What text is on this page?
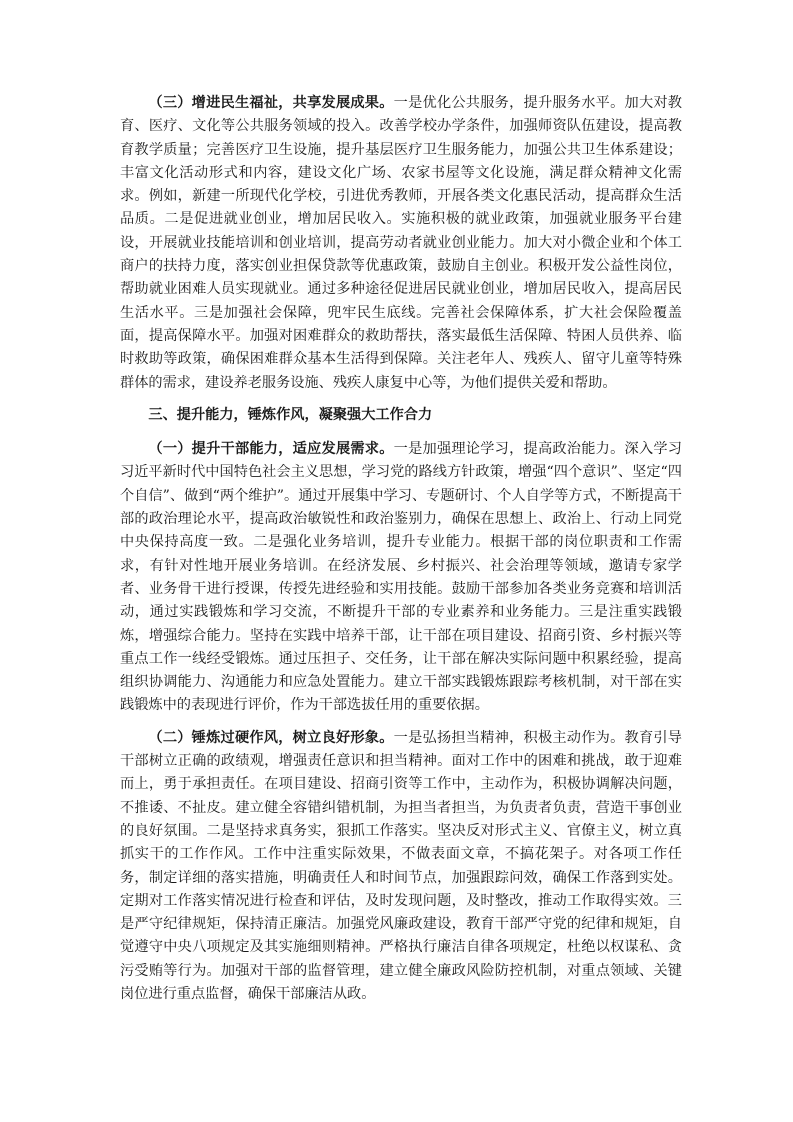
（三）增进民生福祉，共享发展成果。一是优化公共服务，提升服务水平。加大对教育、医疗、文化等公共服务领域的投入。改善学校办学条件，加强师资队伍建设，提高教育教学质量；完善医疗卫生设施，提升基层医疗卫生服务能力，加强公共卫生体系建设；丰富文化活动形式和内容，建设文化广场、农家书屋等文化设施，满足群众精神文化需求。例如，新建一所现代化学校，引进优秀教师，开展各类文化惠民活动，提高群众生活品质。二是促进就业创业，增加居民收入。实施积极的就业政策，加强就业服务平台建设，开展就业技能培训和创业培训，提高劳动者就业创业能力。加大对小微企业和个体工商户的扶持力度，落实创业担保贷款等优惠政策，鼓励自主创业。积极开发公益性岗位，帮助就业困难人员实现就业。通过多种途径促进居民就业创业，增加居民收入，提高居民生活水平。三是加强社会保障，兜牢民生底线。完善社会保障体系，扩大社会保险覆盖面，提高保障水平。加强对困难群众的救助帮扶，落实最低生活保障、特困人员供养、临时救助等政策，确保困难群众基本生活得到保障。关注老年人、残疾人、留守儿童等特殊群体的需求，建设养老服务设施、残疾人康复中心等，为他们提供关爱和帮助。

三、提升能力，锤炼作风，凝聚强大工作合力

（一）提升干部能力，适应发展需求。一是加强理论学习，提高政治能力。深入学习习近平新时代中国特色社会主义思想，学习党的路线方针政策，增强“四个意识”、坚定“四个自信”、做到“两个维护”。通过开展集中学习、专题研讨、个人自学等方式，不断提高干部的政治理论水平，提高政治敏锐性和政治鉴别力，确保在思想上、政治上、行动上同党中央保持高度一致。二是强化业务培训，提升专业能力。根据干部的岗位职责和工作需求，有针对性地开展业务培训。在经济发展、乡村振兴、社会治理等领域，邀请专家学者、业务骨干进行授课，传授先进经验和实用技能。鼓励干部参加各类业务竞赛和培训活动，通过实践锻炼和学习交流，不断提升干部的专业素养和业务能力。三是注重实践锻炼，增强综合能力。坚持在实践中培养干部，让干部在项目建设、招商引资、乡村振兴等重点工作一线经受锻炼。通过压担子、交任务，让干部在解决实际问题中积累经验，提高组织协调能力、沟通能力和应急处置能力。建立干部实践锻炼跟踪考核机制，对干部在实践锻炼中的表现进行评价，作为干部选拔任用的重要依据。

（二）锤炼过硬作风，树立良好形象。一是弘扬担当精神，积极主动作为。教育引导干部树立正确的政绩观，增强责任意识和担当精神。面对工作中的困难和挑战，敢于迎难而上，勇于承担责任。在项目建设、招商引资等工作中，主动作为，积极协调解决问题，不推诿、不扯皮。建立健全容错纠错机制，为担当者担当，为负责者负责，营造干事创业的良好氛围。二是坚持求真务实，狠抓工作落实。坚决反对形式主义、官僚主义，树立真抓实干的工作作风。工作中注重实际效果，不做表面文章，不搞花架子。对各项工作任务，制定详细的落实措施，明确责任人和时间节点，加强跟踪问效，确保工作落到实处。定期对工作落实情况进行检查和评估，及时发现问题，及时整改，推动工作取得实效。三是严守纪律规矩，保持清正廉洁。加强党风廉政建设，教育干部严守党的纪律和规矩，自觉遵守中央八项规定及其实施细则精神。严格执行廉洁自律各项规定，杜绝以权谋私、贪污受贿等行为。加强对干部的监督管理，建立健全廉政风险防控机制，对重点领域、关键岗位进行重点监督，确保干部廉洁从政。
